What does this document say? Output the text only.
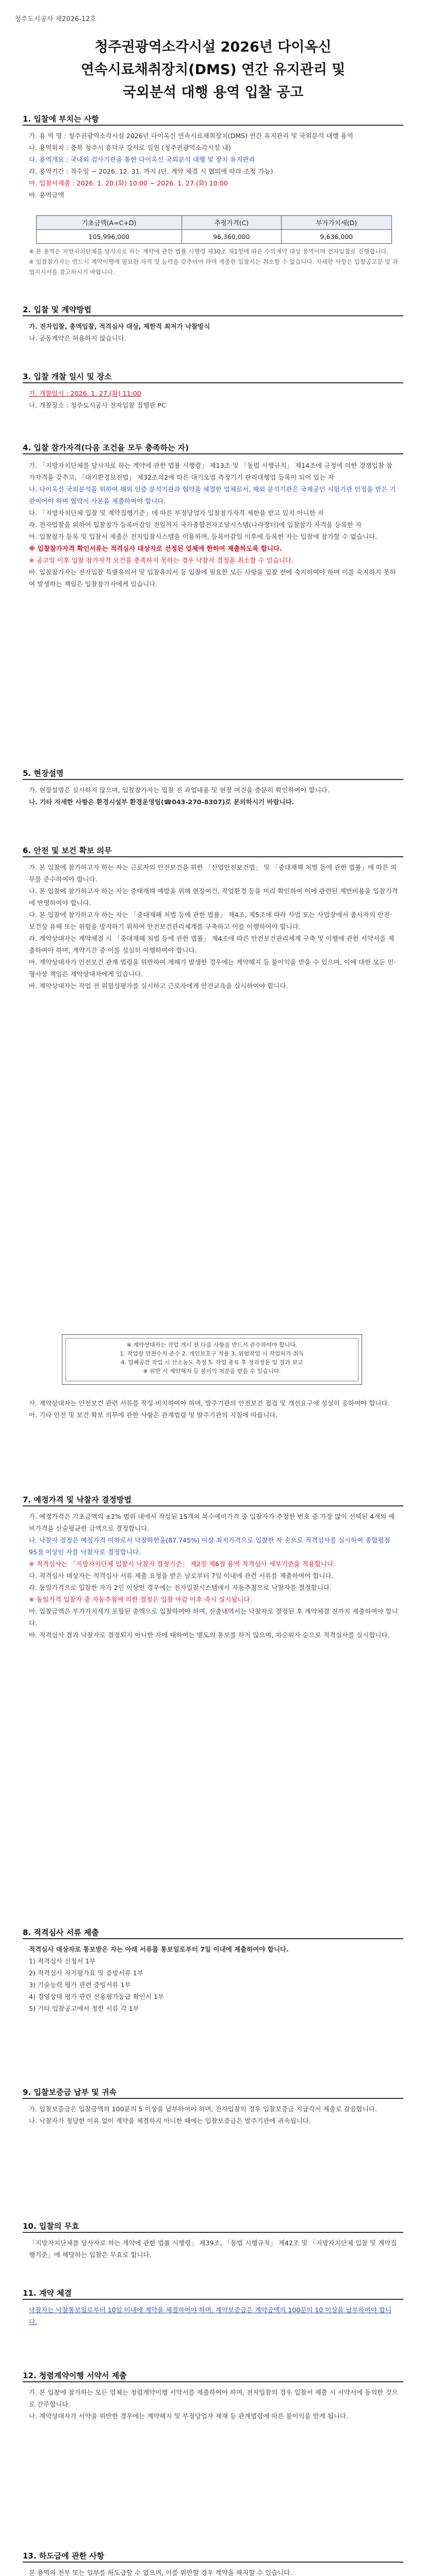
청주도시공사 제2026-12호
청주권광역소각시설 2026년 다이옥신
연속시료채취장치(DMS) 연간 유지관리 및
국외분석 대행 용역 입찰 공고
1. 입찰에 부치는 사항
가. 용 역 명 : 청주권광역소각시설 2026년 다이옥신 연속시료채취장치(DMS) 연간 유지관리 및 국외분석 대행 용역
나. 용역위치 : 충북 청주시 흥덕구 강서로 일원 (청주권광역소각시설 내)
다. 용역개요 : 국내외 검사기관을 통한 다이옥신 국외분석 대행 및 장치 유지관리
라. 용역기간 : 착수일 ~ 2026. 12. 31. 까지 (단, 계약 체결 시 협의에 따라 조정 가능)
마. 입찰서제출 : 2026. 1. 20.(화) 10:00 ~ 2026. 1. 27.(화) 10:00
바. 용역금액
기초금액(A=C+D)	추정가격(C)	부가가치세(D)
105,996,000	96,360,000	9,636,000
※ 본 용역은 지방자치단체를 당사자로 하는 계약에 관한 법률 시행령 제30조 제1항에 따른 수의계약 대상 용역이며 전자입찰로 진행합니다.
※ 입찰참가자는 반드시 계약이행에 필요한 자격 및 능력을 갖추어야 하며 제출한 입찰서는 취소할 수 없습니다. 자세한 사항은 입찰공고문 및 과업지시서를 참고하시기 바랍니다.
2. 입찰 및 계약방법
가. 전자입찰, 총액입찰, 적격심사 대상, 제한적 최저가 낙찰방식
나. 공동계약은 허용하지 않습니다.
3. 입찰 개찰 일시 및 장소
가. 개찰일시 : 2026. 1. 27.(화) 11:00
나. 개찰장소 : 청주도시공사 전자입찰 집행관 PC
4. 입찰 참가자격(다음 조건을 모두 충족하는 자)
가. 「지방자치단체를 당사자로 하는 계약에 관한 법률 시행령」 제13조 및 「동법 시행규칙」 제14조에 규정에 의한 경쟁입찰 참가자격을 갖추고, 「대기환경보전법」 제32조의2에 따른 대기오염 측정기기 관리대행업 등록이 되어 있는 자
나. 다이옥신 국외분석을 위하여 해외 인증 분석기관과 협약을 체결한 업체로서, 해외 분석기관은 국제공인 시험기관 인정을 받은 기관이어야 하며 협약서 사본을 제출하여야 합니다.
다. 「지방자치단체 입찰 및 계약집행기준」에 따른 부정당업자 입찰참가자격 제한을 받고 있지 아니한 자
라. 전자입찰을 위하여 입찰참가 등록마감일 전일까지 국가종합전자조달시스템(나라장터)에 입찰참가 자격을 등록한 자
마. 입찰참가 등록 및 입찰서 제출은 전자입찰시스템을 이용하며, 등록마감일 이후에 등록한 자는 입찰에 참가할 수 없습니다.
※ 입찰참가자격 확인서류는 적격심사 대상자로 선정된 업체에 한하여 제출하도록 합니다.
※ 공고일 이후 입찰 참가자격 요건을 충족하지 못하는 경우 낙찰자 결정을 취소할 수 있습니다.
바. 입찰참가자는 전자입찰 특별유의서 및 입찰유의서 등 입찰에 필요한 모든 사항을 입찰 전에 숙지하여야 하며 이를 숙지하지 못하여 발생하는 책임은 입찰참가자에게 있습니다.
5. 현장설명
가. 현장설명은 실시하지 않으며, 입찰참가자는 입찰 전 과업내용 및 현장 여건을 충분히 확인하여야 합니다.
나. 기타 자세한 사항은 환경시설부 환경운영팀(☎043-270-8307)로 문의하시기 바랍니다.
6. 안전 및 보건 확보 의무
가. 본 입찰에 참가하고자 하는 자는 근로자의 안전보건을 위한 「산업안전보건법」 및 「중대재해 처벌 등에 관한 법률」에 따른 의무를 준수하여야 합니다.
나. 본 입찰에 참가하고자 하는 자는 중대재해 예방을 위해 현장여건, 작업환경 등을 미리 확인하여 이에 관련된 제반비용을 입찰가격에 반영하여야 합니다.
다. 본 입찰에 참가하고자 하는 자는 「중대재해 처벌 등에 관한 법률」 제4조, 제5조에 따라 사업 또는 사업장에서 종사자의 안전·보건상 유해 또는 위험을 방지하기 위하여 안전보건관리체계를 구축하고 이를 이행하여야 합니다.
라. 계약상대자는 계약체결 시 「중대재해 처벌 등에 관한 법률」 제4조에 따른 안전보건관리체계 구축 및 이행에 관한 서약서를 제출하여야 하며, 계약기간 중 이를 성실히 이행하여야 합니다.
마. 계약상대자가 안전보건 관계 법령을 위반하여 재해가 발생한 경우에는 계약해지 등 불이익을 받을 수 있으며, 이에 대한 모든 민·형사상 책임은 계약상대자에게 있습니다.
바. 계약상대자는 작업 전 위험성평가를 실시하고 근로자에게 안전교육을 실시하여야 합니다.
※ 계약상대자는 작업 개시 전 다음 사항을 반드시 준수하여야 합니다.
1. 작업장 안전수칙 준수 2. 개인보호구 착용 3. 위험작업 시 작업허가 취득
4. 밀폐공간 작업 시 산소농도 측정 5. 작업 종료 후 정리정돈 및 결과 보고
※ 위반 시 계약해지 등 불이익 처분을 받을 수 있습니다.
사. 계약상대자는 안전보건 관련 서류를 작성·비치하여야 하며, 발주기관의 안전보건 점검 및 개선요구에 성실히 응하여야 합니다.
아. 기타 안전 및 보건 확보 의무에 관한 사항은 관계법령 및 발주기관의 지침에 따릅니다.
7. 예정가격 및 낙찰자 결정방법
가. 예정가격은 기초금액의 ±2% 범위 내에서 작성된 15개의 복수예비가격 중 입찰자가 추첨한 번호 중 가장 많이 선택된 4개의 예비가격을 산술평균한 금액으로 결정합니다.
나. 낙찰자 결정은 예정가격 이하로서 낙찰하한율(87.745%) 이상 최저가격으로 입찰한 자 순으로 적격심사를 실시하여 종합평점 95점 이상인 자를 낙찰자로 결정합니다.
※ 적격심사는 「지방자치단체 입찰시 낙찰자 결정기준」 제2장 제6절 용역 적격심사 세부기준을 적용합니다.
다. 적격심사 대상자는 적격심사 서류 제출 요청을 받은 날로부터 7일 이내에 관련 서류를 제출하여야 합니다.
라. 동일가격으로 입찰한 자가 2인 이상인 경우에는 전자입찰시스템에서 자동추첨으로 낙찰자를 결정합니다.
※ 동일가격 입찰자 중 자동추첨에 의한 결정은 입찰 마감 이후 즉시 실시됩니다.
마. 입찰금액은 부가가치세가 포함된 총액으로 입찰하여야 하며, 산출내역서는 낙찰자로 결정된 후 계약체결 전까지 제출하여야 합니다.
바. 적격심사 결과 낙찰자로 결정되지 아니한 자에 대하여는 별도의 통보를 하지 않으며, 차순위자 순으로 적격심사를 실시합니다.
8. 적격심사 서류 제출
적격심사 대상자로 통보받은 자는 아래 서류를 통보일로부터 7일 이내에 제출하여야 합니다.
1) 적격심사 신청서 1부
2) 적격심사 자기평가표 및 증빙서류 1부
3) 기술능력 평가 관련 증빙서류 1부
4) 경영상태 평가 관련 신용평가등급 확인서 1부
5) 기타 입찰공고에서 정한 서류 각 1부
9. 입찰보증금 납부 및 귀속
가. 입찰보증금은 입찰금액의 100분의 5 이상을 납부하여야 하며, 전자입찰의 경우 입찰보증금 지급각서 제출로 갈음합니다.
나. 낙찰자가 정당한 이유 없이 계약을 체결하지 아니한 때에는 입찰보증금은 발주기관에 귀속됩니다.
10. 입찰의 무효
「지방자치단체를 당사자로 하는 계약에 관한 법률 시행령」 제39조, 「동법 시행규칙」 제42조 및 「지방자치단체 입찰 및 계약집행기준」에 해당하는 입찰은 무효로 합니다.
11. 계약 체결
낙찰자는 낙찰통보일로부터 10일 이내에 계약을 체결하여야 하며, 계약보증금은 계약금액의 100분의 10 이상을 납부하여야 합니다.
12. 청렴계약이행 서약서 제출
가. 본 입찰에 참가하는 모든 업체는 청렴계약이행 서약서를 제출하여야 하며, 전자입찰의 경우 입찰서 제출 시 서약서에 동의한 것으로 간주합니다.
나. 계약상대자가 서약을 위반한 경우에는 계약해지 및 부정당업자 제재 등 관계법령에 따른 불이익을 받게 됩니다.
13. 하도급에 관한 사항
본 용역의 전부 또는 일부를 하도급할 수 없으며, 이를 위반할 경우 계약을 해지할 수 있습니다.
